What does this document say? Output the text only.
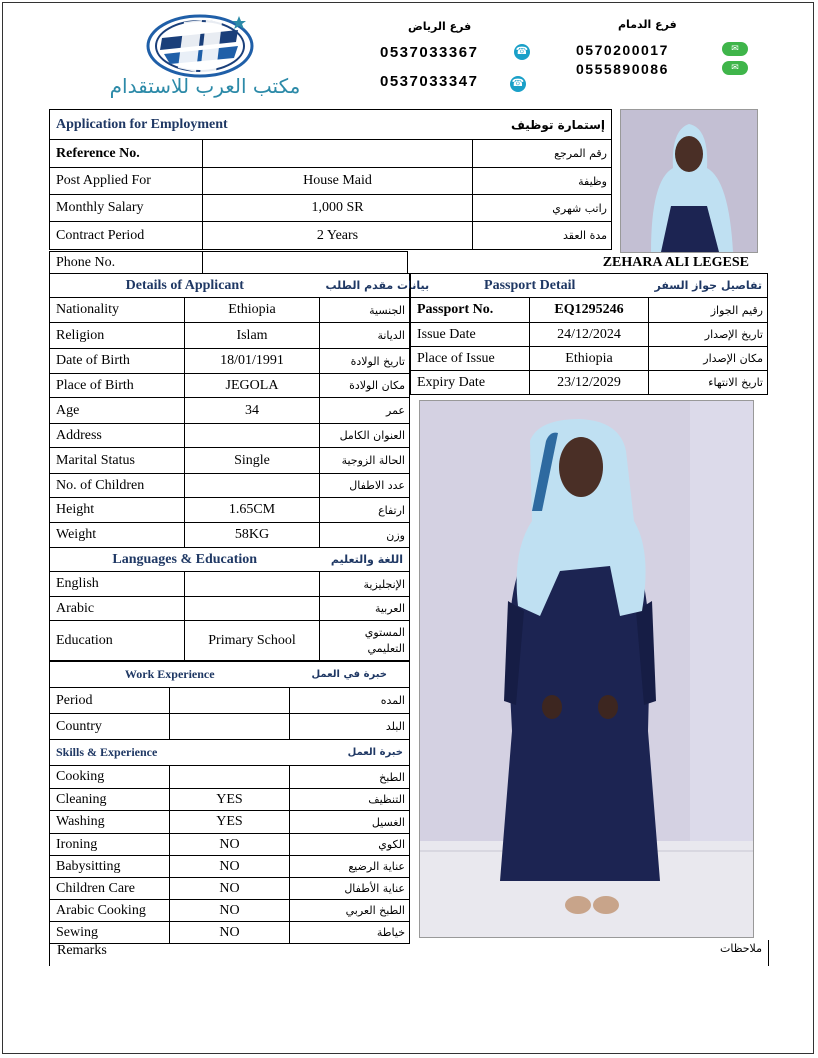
مكتب العرب للاستقدام
فرع الرياض
0537033367	☎
0537033347	☎
فرع الدمام
0570200017	✉
0555890086	✉
Application for Employment	إستمارة توظيف
Reference No.		رقم المرجع
Post Applied For	House Maid	وظيفة
Monthly Salary	1,000 SR	راتب شهري
Contract Period	2 Years	مدة العقد
Phone No.		ZEHARA ALI LEGESE
Details of Applicant		بيانات مقدم الطلب
Nationality	Ethiopia	الجنسية
Religion	Islam	الديانة
Date of Birth	18/01/1991	تاريخ الولادة
Place of Birth	JEGOLA	مكان الولادة
Age	34	عمر
Address		العنوان الكامل
Marital Status	Single	الحالة الزوجية
No. of Children		عدد الاطفال
Height	1.65CM	ارتفاع
Weight	58KG	وزن
Languages & Education		اللغة والتعليم
English		الإنجليزية
Arabic		العربية
Education	Primary School	المستوي التعليمي
Work Experience		خبرة في العمل
Period		المده
Country		البلد
Skills & Experience		خبرة العمل
Cooking		الطبخ
Cleaning	YES	التنظيف
Washing	YES	الغسيل
Ironing	NO	الكوي
Babysitting	NO	عناية الرضيع
Children Care	NO	عناية الأطفال
Arabic Cooking	NO	الطبخ العربي
Sewing	NO	خياطة
Remarks	ملاحظات
Passport Detail		تفاصيل جواز السفر
Passport No.	EQ1295246	رقيم الجواز
Issue Date	24/12/2024	تاريخ الإصدار
Place of Issue	Ethiopia	مكان الإصدار
Expiry Date	23/12/2029	تاريخ الانتهاء
